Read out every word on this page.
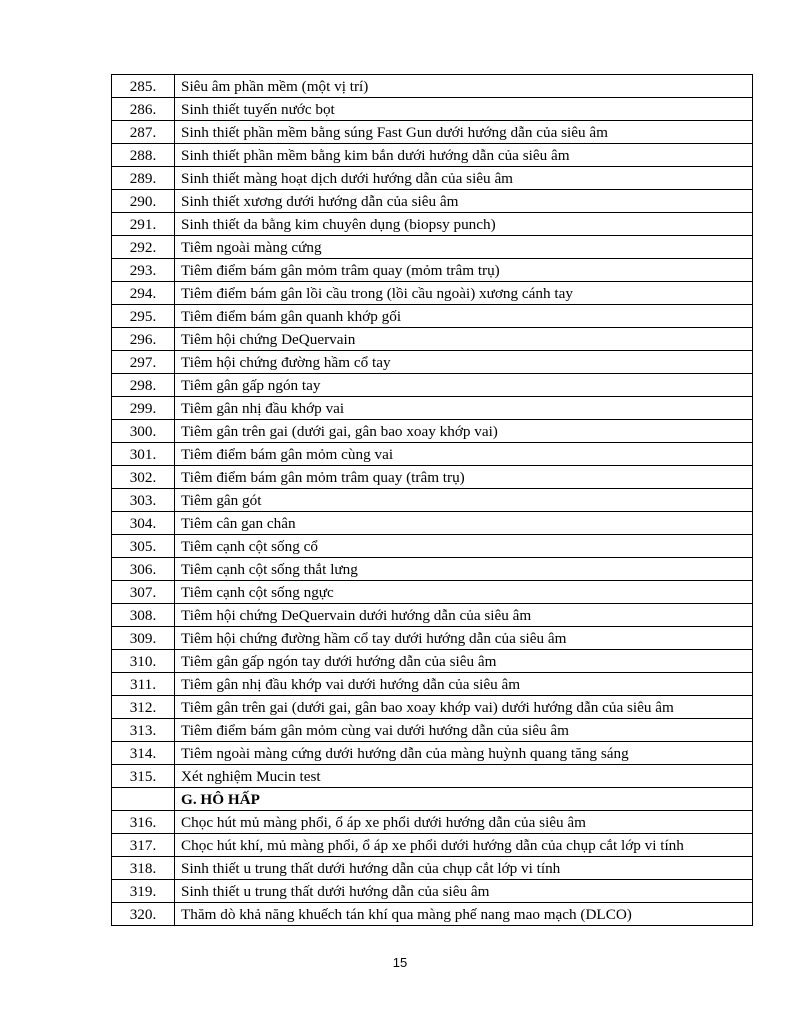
285.	Siêu âm phần mềm (một vị trí)
286.	Sinh thiết tuyến nước bọt
287.	Sinh thiết phần mềm bằng súng Fast Gun dưới hướng dẫn của siêu âm
288.	Sinh thiết phần mềm bằng kim bắn dưới hướng dẫn của siêu âm
289.	Sinh thiết màng hoạt dịch dưới hướng dẫn của siêu âm
290.	Sinh thiết xương dưới hướng dẫn của siêu âm
291.	Sinh thiết da bằng kim chuyên dụng (biopsy punch)
292.	Tiêm ngoài màng cứng
293.	Tiêm điểm bám gân mỏm trâm quay (mỏm trâm trụ)
294.	Tiêm điểm bám gân lồi cầu trong (lồi cầu ngoài) xương cánh tay
295.	Tiêm điểm bám gân quanh khớp gối
296.	Tiêm hội chứng DeQuervain
297.	Tiêm hội chứng đường hầm cổ tay
298.	Tiêm gân gấp ngón tay
299.	Tiêm gân nhị đầu khớp vai
300.	Tiêm gân trên gai (dưới gai, gân bao xoay khớp vai)
301.	Tiêm điểm bám gân mỏm cùng vai
302.	Tiêm điểm bám gân mỏm trâm quay (trâm trụ)
303.	Tiêm gân gót
304.	Tiêm cân gan chân
305.	Tiêm cạnh cột sống cổ
306.	Tiêm cạnh cột sống thắt lưng
307.	Tiêm cạnh cột sống ngực
308.	Tiêm hội chứng DeQuervain dưới hướng dẫn của siêu âm
309.	Tiêm hội chứng đường hầm cổ tay dưới hướng dẫn của siêu âm
310.	Tiêm gân gấp ngón tay dưới hướng dẫn của siêu âm
311.	Tiêm gân nhị đầu khớp vai dưới hướng dẫn của siêu âm
312.	Tiêm gân trên gai (dưới gai, gân bao xoay khớp vai) dưới hướng dẫn của siêu âm
313.	Tiêm điểm bám gân mỏm cùng vai dưới hướng dẫn của siêu âm
314.	Tiêm ngoài màng cứng dưới hướng dẫn của màng huỳnh quang tăng sáng
315.	Xét nghiệm Mucin test
	G. HÔ HẤP
316.	Chọc hút mủ màng phổi, ổ áp xe phổi dưới hướng dẫn của siêu âm
317.	Chọc hút khí, mủ màng phổi, ổ áp xe phổi dưới hướng dẫn của chụp cắt lớp vi tính
318.	Sinh thiết u trung thất dưới hướng dẫn của chụp cắt lớp vi tính
319.	Sinh thiết u trung thất dưới hướng dẫn của siêu âm
320.	Thăm dò khả năng khuếch tán khí qua màng phế nang mao mạch (DLCO)
15
